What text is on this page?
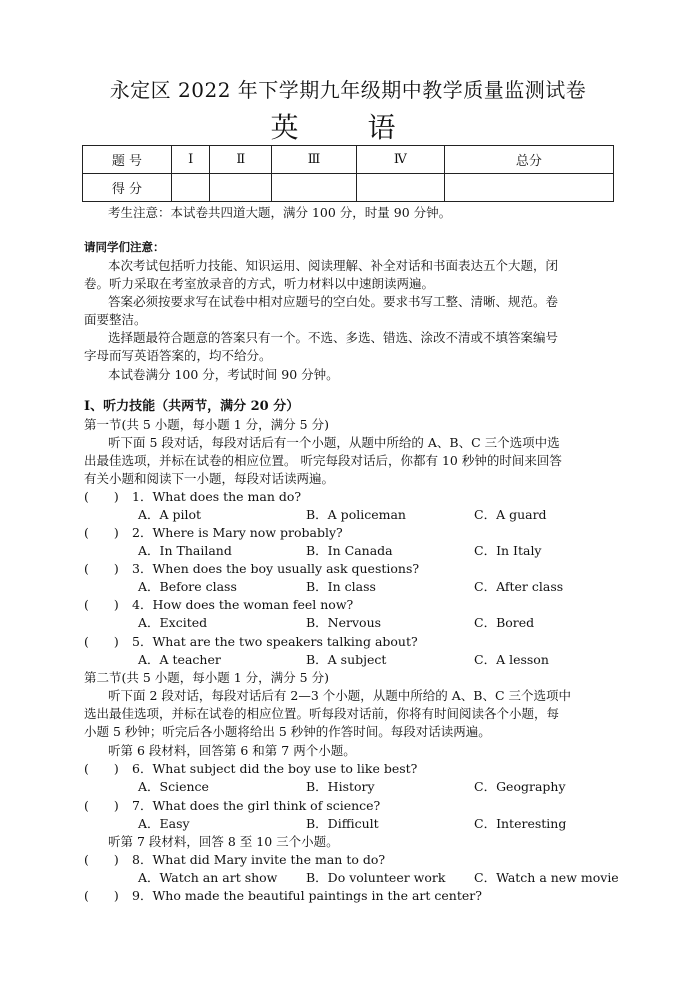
永定区 2022 年下学期九年级期中教学质量监测试卷
英 语
题 号	Ⅰ	Ⅱ	Ⅲ	Ⅳ	总分
得 分					
考生注意：本试卷共四道大题，满分 100 分，时量 90 分钟。
请同学们注意：
本次考试包括听力技能、知识运用、阅读理解、补全对话和书面表达五个大题，闭
卷。听力采取在考室放录音的方式，听力材料以中速朗读两遍。
答案必须按要求写在试卷中相对应题号的空白处。要求书写工整、清晰、规范。卷
面要整洁。
选择题最符合题意的答案只有一个。不选、多选、错选、涂改不清或不填答案编号
字母而写英语答案的，均不给分。
本试卷满分 100 分，考试时间 90 分钟。
Ⅰ、听力技能（共两节，满分 20 分）
第一节(共 5 小题，每小题 1 分，满分 5 分)
听下面 5 段对话，每段对话后有一个小题，从题中所给的 A、B、C 三个选项中选
出最佳选项，并标在试卷的相应位置。 听完每段对话后，你都有 10 秒钟的时间来回答
有关小题和阅读下一小题，每段对话读两遍。
(　　) 1．What does the man do?
A．A pilot	B．A policeman	C．A guard
(　　) 2．Where is Mary now probably?
A．In Thailand	B．In Canada	C．In Italy
(　　) 3．When does the boy usually ask questions?
A．Before class	B．In class	C．After class
(　　) 4．How does the woman feel now?
A．Excited	B．Nervous	C．Bored
(　　) 5．What are the two speakers talking about?
A．A teacher	B．A subject	C．A lesson
第二节(共 5 小题，每小题 1 分，满分 5 分)
听下面 2 段对话，每段对话后有 2—3 个小题，从题中所给的 A、B、C 三个选项中
选出最佳选项，并标在试卷的相应位置。听每段对话前，你将有时间阅读各个小题，每
小题 5 秒钟；听完后各小题将给出 5 秒钟的作答时间。每段对话读两遍。
听第 6 段材料，回答第 6 和第 7 两个小题。
(　　) 6．What subject did the boy use to like best?
A．Science	B．History	C．Geography
(　　) 7．What does the girl think of science?
A．Easy	B．Difficult	C．Interesting
听第 7 段材料，回答 8 至 10 三个小题。
(　　) 8．What did Mary invite the man to do?
A．Watch an art show B．Do volunteer work C．Watch a new movie
(　　) 9．Who made the beautiful paintings in the art center?
